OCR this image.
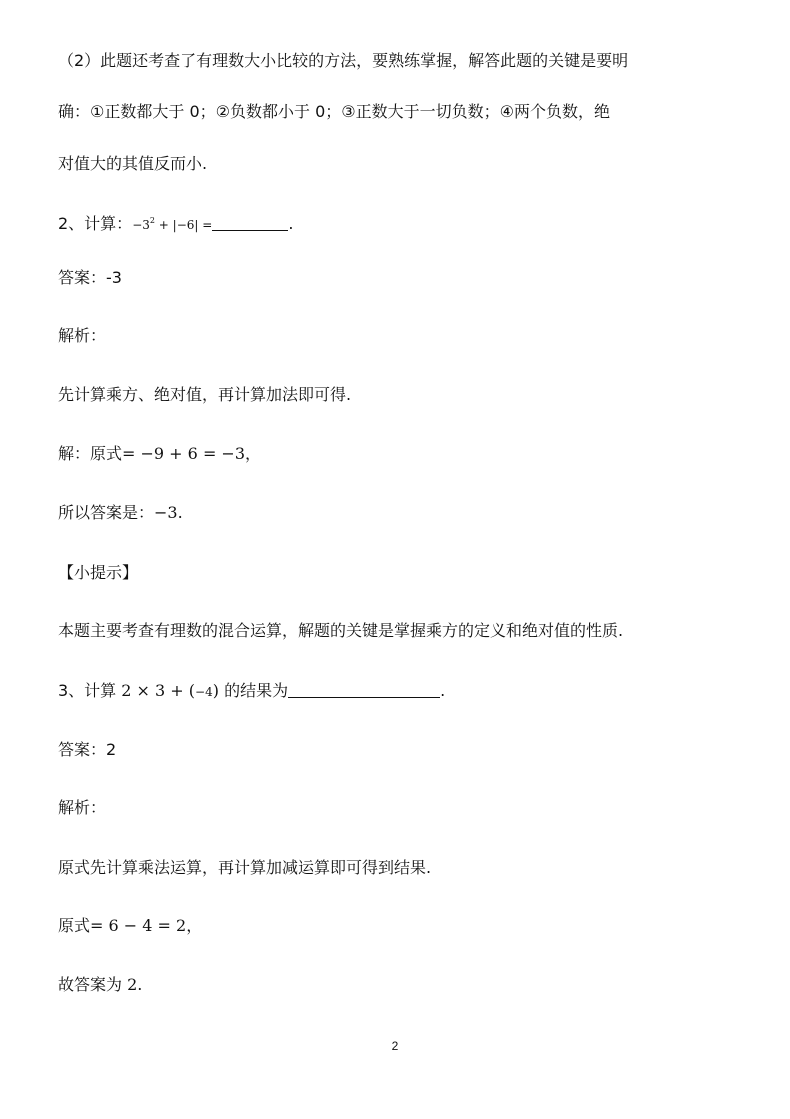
（2）此题还考查了有理数大小比较的方法，要熟练掌握，解答此题的关键是要明
确：①正数都大于 0；②负数都小于 0；③正数大于一切负数；④两个负数，绝
对值大的其值反而小.
2、计算：$-3^2 + |-6|$ =	.
答案：-3
解析：
先计算乘方、绝对值，再计算加法即可得.
解：原式= −9 + 6 = −3，
所以答案是：−3.
【小提示】
本题主要考查有理数的混合运算，解题的关键是掌握乘方的定义和绝对值的性质.
3、计算 2 × 3 + (−4) 的结果为	.
答案：2
解析：
原式先计算乘法运算，再计算加减运算即可得到结果.
原式= 6 − 4 = 2，
故答案为 2.
2
